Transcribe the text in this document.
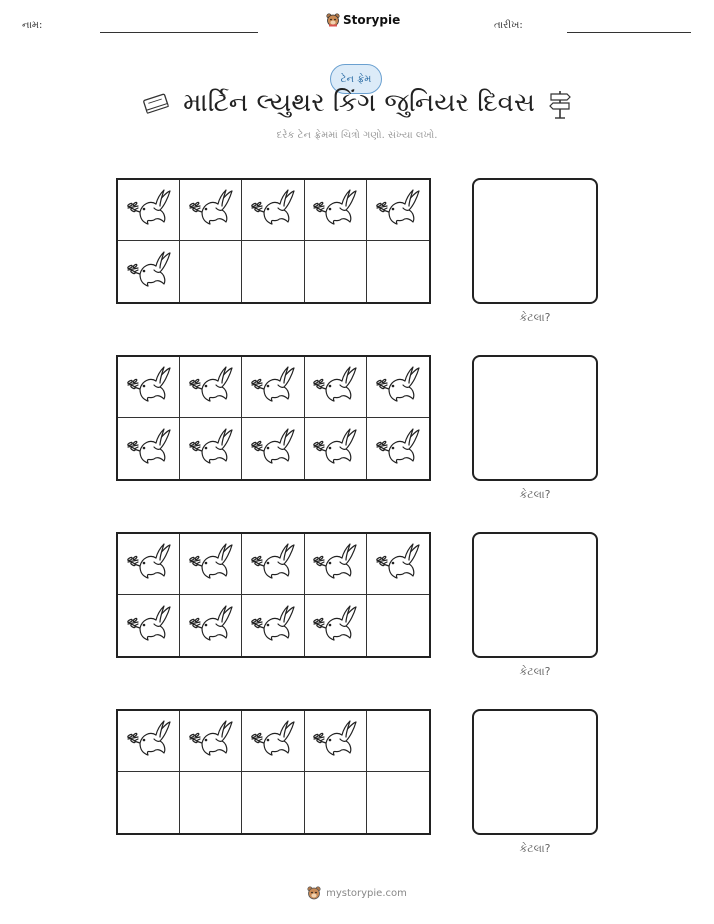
નામ:	Storypie	તારીખ:
ટેન ફ્રેમ
માર્ટિન લ્યુથર કિંગ જુનિયર દિવસ
દરેક ટેન ફ્રેમમાં ચિત્રો ગણો. સંખ્યા લખો.
કેટલા?
કેટલા?
કેટલા?
કેટલા?
mystorypie.com
